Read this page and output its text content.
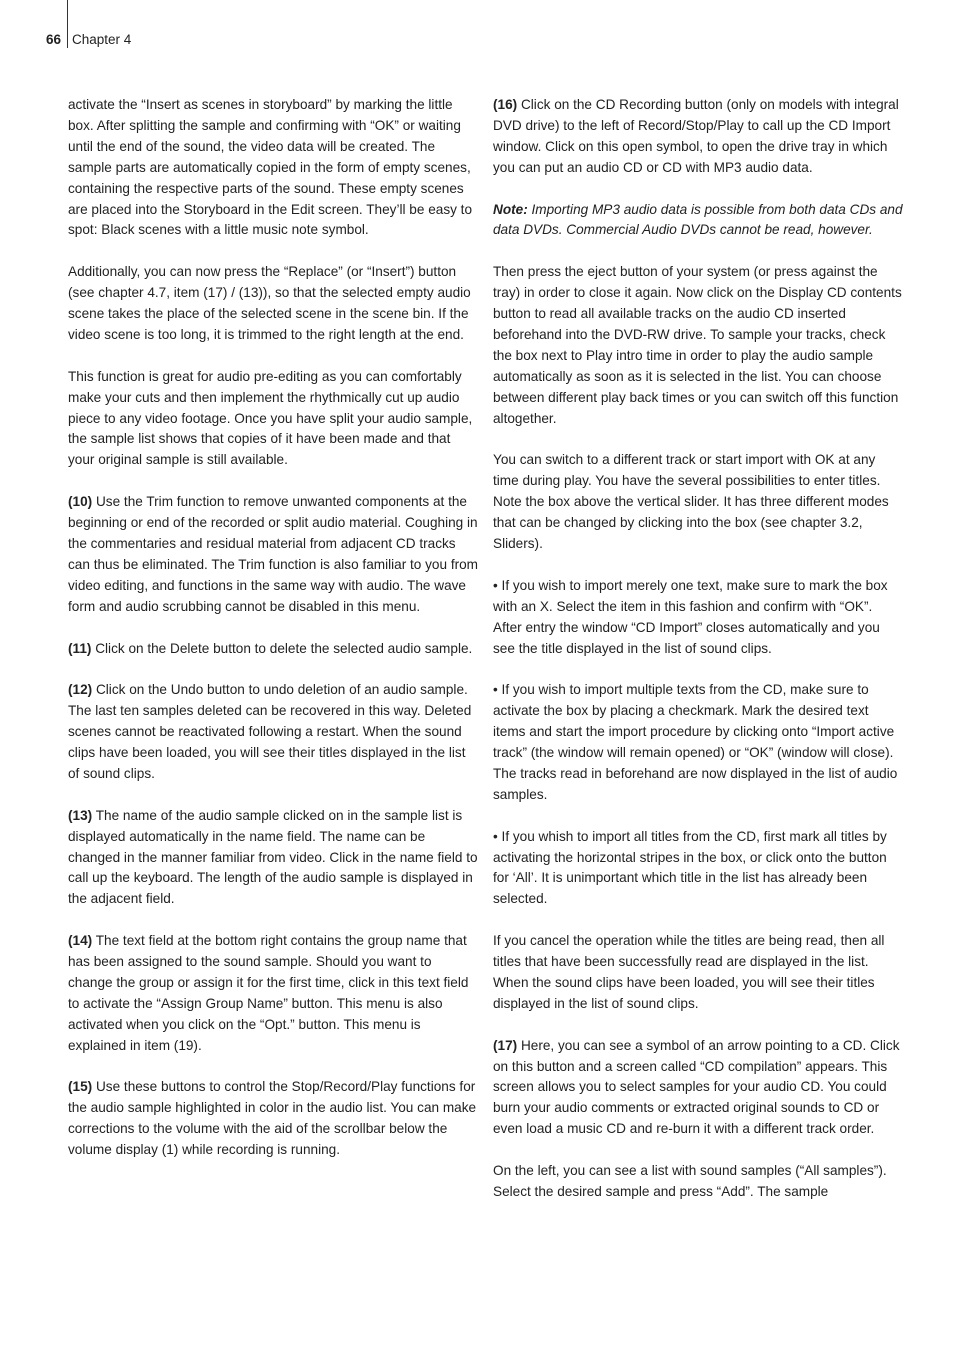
66 Chapter 4

activate the “Insert as scenes in storyboard” by marking the little box. After splitting the sample and confirming with “OK” or waiting until the end of the sound, the video data will be created. The sample parts are automatically copied in the form of empty scenes, containing the respective parts of the sound. These empty scenes are placed into the Storyboard in the Edit screen. They’ll be easy to spot: Black scenes with a little music note symbol.

Additionally, you can now press the “Replace” (or “Insert”) button (see chapter 4.7, item (17) / (13)), so that the selected empty audio scene takes the place of the selected scene in the scene bin. If the video scene is too long, it is trimmed to the right length at the end.

This function is great for audio pre-editing as you can comfortably make your cuts and then implement the rhythmically cut up audio piece to any video footage. Once you have split your audio sample, the sample list shows that copies of it have been made and that your original sample is still available.

(10) Use the Trim function to remove unwanted components at the beginning or end of the recorded or split audio material. Coughing in the commentaries and residual material from adjacent CD tracks can thus be eliminated. The Trim function is also familiar to you from video editing, and functions in the same way with audio. The wave form and audio scrubbing cannot be disabled in this menu.

(11) Click on the Delete button to delete the selected audio sample.

(12) Click on the Undo button to undo deletion of an audio sample. The last ten samples deleted can be recovered in this way. Deleted scenes cannot be reactivated following a restart. When the sound clips have been loaded, you will see their titles displayed in the list of sound clips.

(13) The name of the audio sample clicked on in the sample list is displayed automatically in the name field. The name can be changed in the manner familiar from video. Click in the name field to call up the keyboard. The length of the audio sample is displayed in the adjacent field.

(14) The text field at the bottom right contains the group name that has been assigned to the sound sample. Should you want to change the group or assign it for the first time, click in this text field to activate the “Assign Group Name” button. This menu is also activated when you click on the “Opt.” button. This menu is explained in item (19).

(15) Use these buttons to control the Stop/Record/Play functions for the audio sample highlighted in color in the audio list. You can make corrections to the volume with the aid of the scrollbar below the volume display (1) while recording is running.

(16) Click on the CD Recording button (only on models with integral DVD drive) to the left of Record/Stop/Play to call up the CD Import window. Click on this open symbol, to open the drive tray in which you can put an audio CD or CD with MP3 audio data.

Note: Importing MP3 audio data is possible from both data CDs and data DVDs. Commercial Audio DVDs cannot be read, however.

Then press the eject button of your system (or press against the tray) in order to close it again. Now click on the Display CD contents button to read all available tracks on the audio CD inserted beforehand into the DVD-RW drive. To sample your tracks, check the box next to Play intro time in order to play the audio sample automatically as soon as it is selected in the list. You can choose between different play back times or you can switch off this function altogether.

You can switch to a different track or start import with OK at any time during play. You have the several possibilities to enter titles. Note the box above the vertical slider. It has three different modes that can be changed by clicking into the box (see chapter 3.2, Sliders).

• If you wish to import merely one text, make sure to mark the box with an X. Select the item in this fashion and confirm with “OK”. After entry the window “CD Import” closes automatically and you see the title displayed in the list of sound clips.

• If you wish to import multiple texts from the CD, make sure to activate the box by placing a checkmark. Mark the desired text items and start the import procedure by clicking onto “Import active track” (the window will remain opened) or “OK” (window will close). The tracks read in beforehand are now displayed in the list of audio samples.

• If you whish to import all titles from the CD, first mark all titles by activating the horizontal stripes in the box, or click onto the button for ‘All’. It is unimportant which title in the list has already been selected.

If you cancel the operation while the titles are being read, then all titles that have been successfully read are displayed in the list. When the sound clips have been loaded, you will see their titles displayed in the list of sound clips.

(17) Here, you can see a symbol of an arrow pointing to a CD. Click on this button and a screen called “CD compilation” appears. This screen allows you to select samples for your audio CD. You could burn your audio comments or extracted original sounds to CD or even load a music CD and re-burn it with a different track order.

On the left, you can see a list with sound samples (“All samples”). Select the desired sample and press “Add”. The sample
